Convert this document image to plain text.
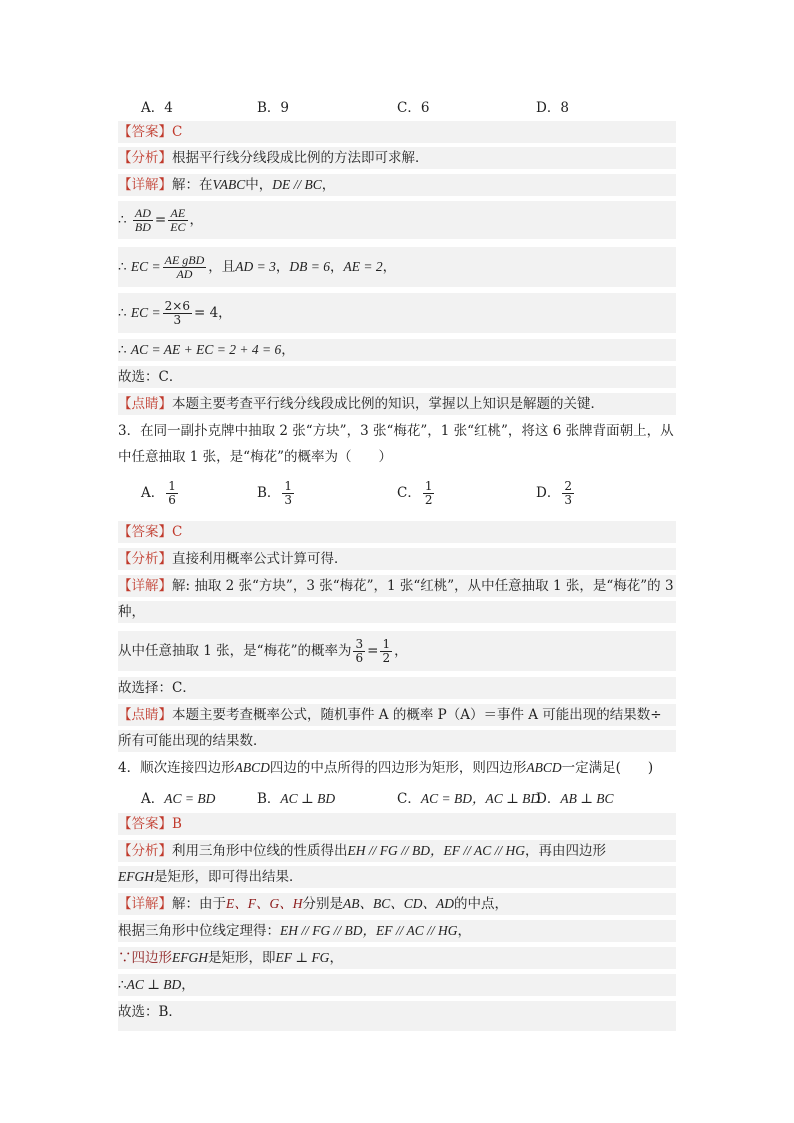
A．4	B．9	C．6	D．8
【答案】C
【分析】根据平行线分线段成比例的方法即可求解．
【详解】解：在VABC中，DE // BC，
∴ $\frac{AD}{BD} = \frac{AE}{EC}$ ，
∴ EC = $\frac{\text{AE gBD}}{AD}$ ，且AD = 3，DB = 6，AE = 2，
∴ EC = $\frac{2\times 6}{3} = 4$，
∴ AC = AE + EC = 2 + 4 = 6，
故选：C．
【点睛】本题主要考查平行线分线段成比例的知识，掌握以上知识是解题的关键．
3．在同一副扑克牌中抽取 2 张“方块”，3 张“梅花”，1 张“红桃”，将这 6 张牌背面朝上，从
中任意抽取 1 张，是“梅花”的概率为（　　）
A． $\frac{1}{6}$	B． $\frac{1}{3}$	C． $\frac{1}{2}$	D． $\frac{2}{3}$
【答案】C
【分析】直接利用概率公式计算可得．
【详解】解: 抽取 2 张“方块”，3 张“梅花”，1 张“红桃”，从中任意抽取 1 张，是“梅花”的 3
种，
从中任意抽取 1 张，是“梅花”的概率为 $\frac{3}{6} = \frac{1}{2}$ ，
故选择：C．
【点睛】本题主要考查概率公式，随机事件 A 的概率 P（A）＝事件 A 可能出现的结果数÷
所有可能出现的结果数．
4．顺次连接四边形ABCD四边的中点所得的四边形为矩形，则四边形ABCD一定满足(　　)
A．AC = BD	B．AC ⊥ BD	C．AC = BD，AC ⊥ BD
D．AB ⊥ BC
【答案】B
【分析】利用三角形中位线的性质得出EH // FG // BD，EF // AC // HG，再由四边形
EFGH是矩形，即可得出结果．
【详解】解：由于E、F、G、H分别是AB、BC、CD、AD的中点，
根据三角形中位线定理得：EH // FG // BD，EF // AC // HG，
∵四边形EFGH是矩形，即EF ⊥ FG，
∴AC ⊥ BD，
故选：B．
